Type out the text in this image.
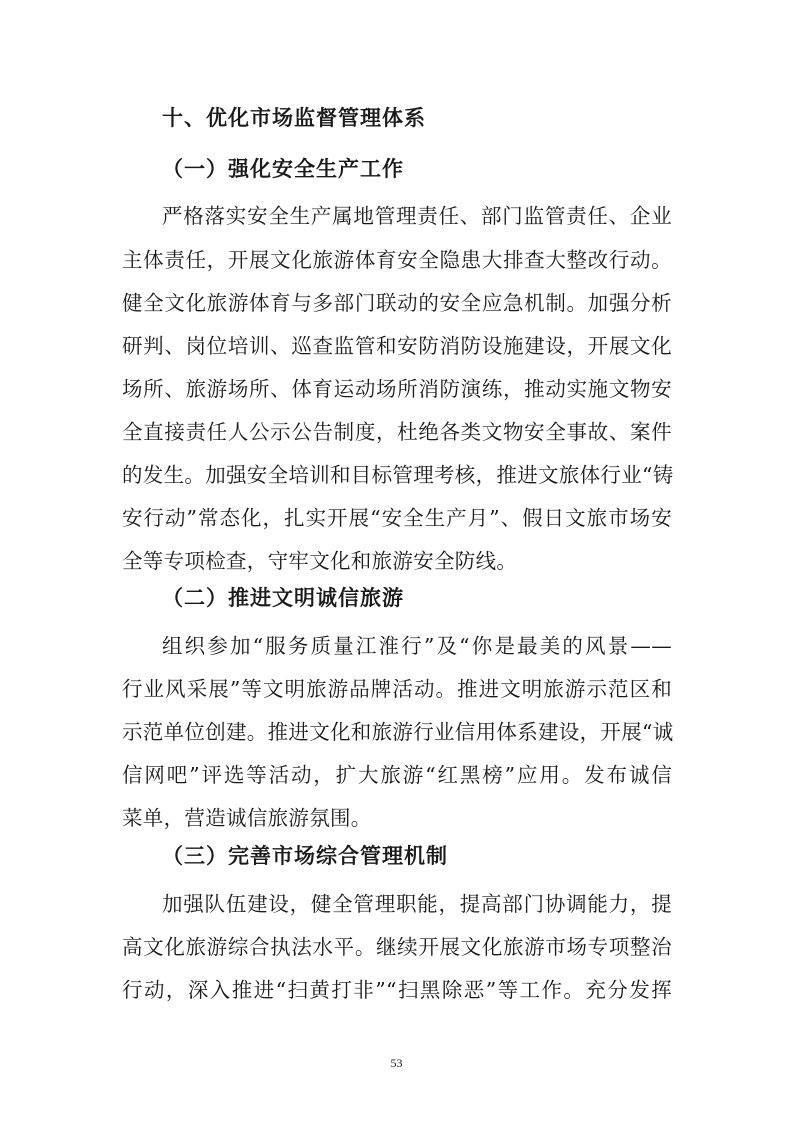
十、优化市场监督管理体系
（一）强化安全生产工作
严格落实安全生产属地管理责任、部门监管责任、企业
主体责任，开展文化旅游体育安全隐患大排查大整改行动。
健全文化旅游体育与多部门联动的安全应急机制。加强分析
研判、岗位培训、巡查监管和安防消防设施建设，开展文化
场所、旅游场所、体育运动场所消防演练，推动实施文物安
全直接责任人公示公告制度，杜绝各类文物安全事故、案件
的发生。加强安全培训和目标管理考核，推进文旅体行业“铸
安行动”常态化，扎实开展“安全生产月”、假日文旅市场安
全等专项检查，守牢文化和旅游安全防线。
（二）推进文明诚信旅游
组织参加“服务质量江淮行”及“你是最美的风景——
行业风采展”等文明旅游品牌活动。推进文明旅游示范区和
示范单位创建。推进文化和旅游行业信用体系建设，开展“诚
信网吧”评选等活动，扩大旅游“红黑榜”应用。发布诚信
菜单，营造诚信旅游氛围。
（三）完善市场综合管理机制
加强队伍建设，健全管理职能，提高部门协调能力，提
高文化旅游综合执法水平。继续开展文化旅游市场专项整治
行动，深入推进“扫黄打非”“扫黑除恶”等工作。充分发挥
53
